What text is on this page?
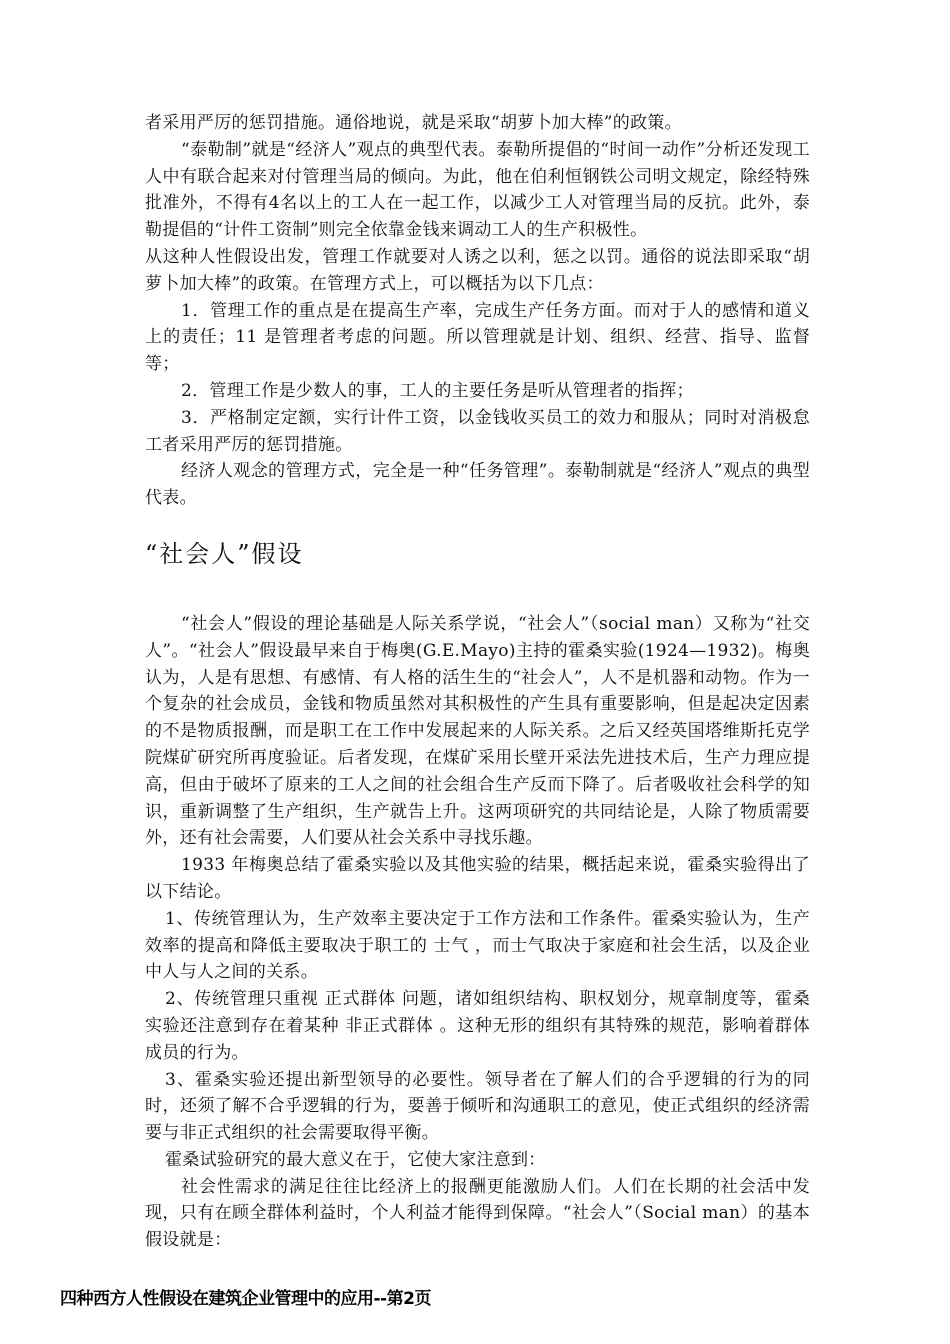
者采用严厉的惩罚措施。通俗地说，就是采取“胡萝卜加大棒”的政策。

“泰勒制”就是“经济人”观点的典型代表。泰勒所提倡的“时间一动作”分析还发现工人中有联合起来对付管理当局的倾向。为此，他在伯利恒钢铁公司明文规定，除经特殊批准外，不得有4名以上的工人在一起工作，以减少工人对管理当局的反抗。此外，泰勒提倡的“计件工资制”则完全依靠金钱来调动工人的生产积极性。

从这种人性假设出发，管理工作就要对人诱之以利，惩之以罚。通俗的说法即采取“胡萝卜加大棒”的政策。在管理方式上，可以概括为以下几点：

1．管理工作的重点是在提高生产率，完成生产任务方面。而对于人的感情和道义上的责任；11 是管理者考虑的问题。所以管理就是计划、组织、经营、指导、监督等；

2．管理工作是少数人的事，工人的主要任务是听从管理者的指挥；

3．严格制定定额，实行计件工资，以金钱收买员工的效力和服从；同时对消极怠工者采用严厉的惩罚措施。

经济人观念的管理方式，完全是一种“任务管理”。泰勒制就是“经济人”观点的典型代表。

“社会人”假设

“社会人”假设的理论基础是人际关系学说，“社会人”（social man）又称为“社交人”。“社会人”假设最早来自于梅奥(G.E.Mayo)主持的霍桑实验(1924—1932)。梅奥认为，人是有思想、有感情、有人格的活生生的“社会人”，人不是机器和动物。作为一个复杂的社会成员，金钱和物质虽然对其积极性的产生具有重要影响，但是起决定因素的不是物质报酬，而是职工在工作中发展起来的人际关系。之后又经英国塔维斯托克学院煤矿研究所再度验证。后者发现，在煤矿采用长壁开采法先进技术后，生产力理应提高，但由于破坏了原来的工人之间的社会组合生产反而下降了。后者吸收社会科学的知识，重新调整了生产组织，生产就告上升。这两项研究的共同结论是，人除了物质需要外，还有社会需要，人们要从社会关系中寻找乐趣。

1933 年梅奥总结了霍桑实验以及其他实验的结果，概括起来说，霍桑实验得出了以下结论。

1、传统管理认为，生产效率主要决定于工作方法和工作条件。霍桑实验认为，生产效率的提高和降低主要取决于职工的 士气 ，而士气取决于家庭和社会生活，以及企业中人与人之间的关系。

2、传统管理只重视 正式群体 问题，诸如组织结构、职权划分，规章制度等，霍桑实验还注意到存在着某种 非正式群体 。这种无形的组织有其特殊的规范，影响着群体成员的行为。

3、霍桑实验还提出新型领导的必要性。领导者在了解人们的合乎逻辑的行为的同时，还须了解不合乎逻辑的行为，要善于倾听和沟通职工的意见，使正式组织的经济需要与非正式组织的社会需要取得平衡。

霍桑试验研究的最大意义在于，它使大家注意到：

社会性需求的满足往往比经济上的报酬更能激励人们。人们在长期的社会活中发现，只有在顾全群体利益时，个人利益才能得到保障。“社会人”（Social man）的基本假设就是：

四种西方人性假设在建筑企业管理中的应用--第2页
